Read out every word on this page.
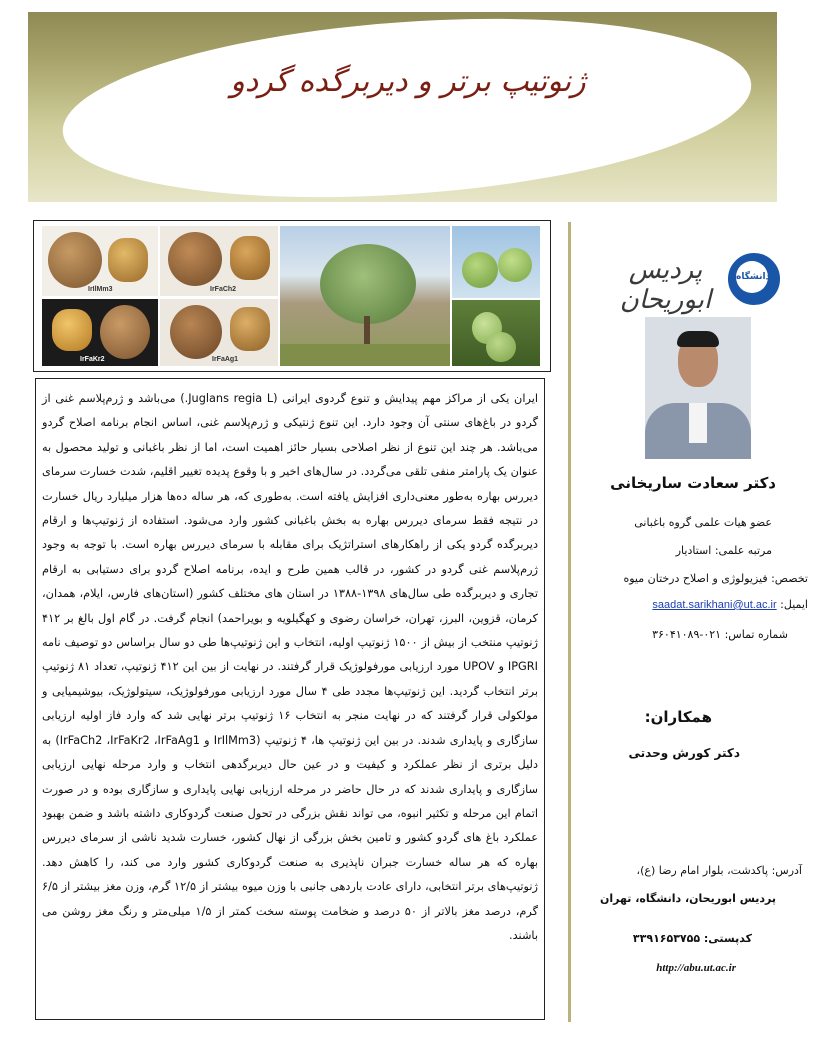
ژنوتیپ برتر و دیربرگده گردو
IrIlMm3	IrFaCh2
IrFaKr2	IrFaAg1
ایران یکی از مراکز مهم پیدایش و تنوع گردوی ایرانی (Juglans regia L.) می‌باشد و ژرم‌پلاسم غنی از گردو در باغ‌های سنتی آن وجود دارد. این تنوع ژنتیکی و ژرم‌پلاسم غنی، اساس انجام برنامه اصلاح گردو می‌باشد. هر چند این تنوع از نظر اصلاحی بسیار حائز اهمیت است، اما از نظر باغبانی و تولید محصول به عنوان یک پارامتر منفی تلقی می‌گردد. در سال‌های اخیر و با وقوع پدیده تغییر اقلیم، شدت خسارت سرمای دیررس بهاره به‌طور معنی‌داری افزایش یافته است. به‌طوری که، هر ساله ده‌ها هزار میلیارد ریال خسارت در نتیجه فقط سرمای دیررس بهاره به بخش باغبانی کشور وارد می‌شود. استفاده از ژنوتیپ‌ها و ارقام دیربرگده گردو یکی از راهکارهای استراتژیک برای مقابله با سرمای دیررس بهاره است. با توجه به وجود ژرم‌پلاسم غنی گردو در کشور، در قالب همین طرح و ایده، برنامه اصلاح گردو برای دستیابی به ارقام تجاری و دیربرگده طی سال‌های ۱۳۹۸-۱۳۸۸ در استان های مختلف کشور (استان‌های فارس، ایلام، همدان، کرمان، قزوین، البرز، تهران، خراسان رضوی و کهگیلویه و بویراحمد) انجام گرفت. در گام اول بالغ بر ۴۱۲ ژنوتیپ منتخب از بیش از ۱۵۰۰ ژنوتیپ اولیه، انتخاب و این ژنوتیپ‌ها طی دو سال براساس دو توصیف نامه IPGRI و UPOV مورد ارزیابی مورفولوژیک قرار گرفتند. در نهایت از بین این ۴۱۲ ژنوتیپ، تعداد ۸۱ ژنوتیپ برتر انتخاب گردید. این ژنوتیپ‌ها مجدد طی ۴ سال مورد ارزیابی مورفولوژیک، سیتولوژیک، بیوشیمیایی و مولکولی قرار گرفتند که در نهایت منجر به انتخاب ۱۶ ژنوتیپ برتر نهایی شد که وارد فاز اولیه ارزیابی سازگاری و پایداری شدند. در بین این ژنوتیپ ها، ۴ ژنوتیپ (IrIlMm3 و IrFaCh2 ،IrFaKr2 ،IrFaAg1) به دلیل برتری از نظر عملکرد و کیفیت و در عین حال دیربرگدهی انتخاب و وارد مرحله نهایی ارزیابی سازگاری و پایداری شدند که در حال حاضر در مرحله ارزیابی نهایی پایداری و سازگاری بوده و در صورت اتمام این مرحله و تکثیر انبوه، می تواند نقش بزرگی در تحول صنعت گردوکاری داشته باشد و ضمن بهبود عملکرد باغ های گردو کشور و تامین بخش بزرگی از نهال کشور، خسارت شدید ناشی از سرمای دیررس بهاره که هر ساله خسارت جبران ناپذیری به صنعت گردوکاری کشور وارد می کند، را کاهش دهد. ژنوتیپ‌های برتر انتخابی، دارای عادت باردهی جانبی با وزن میوه بیشتر از ۱۲/۵ گرم، وزن مغز بیشتر از ۶/۵ گرم، درصد مغز بالاتر از ۵۰ درصد و ضخامت پوسته سخت کمتر از ۱/۵ میلی‌متر و رنگ مغز روشن می باشند.
دانشگاه
پردیس ابوریحان
دکتر سعادت ساریخانی
عضو هیات علمی گروه باغبانی
مرتبه علمی: استادیار
تخصص: فیزیولوژی و اصلاح درختان میوه
ایمیل: saadat.sarikhani@ut.ac.ir
شماره تماس: ۰۲۱-۳۶۰۴۱۰۸۹
همکاران:
دکتر کورش وحدتی
آدرس: پاکدشت، بلوار امام رضا (ع)،
پردیس ابوریحان، دانشگاه، تهران
کدپستی: ۳۳۹۱۶۵۳۷۵۵
http://abu.ut.ac.ir
